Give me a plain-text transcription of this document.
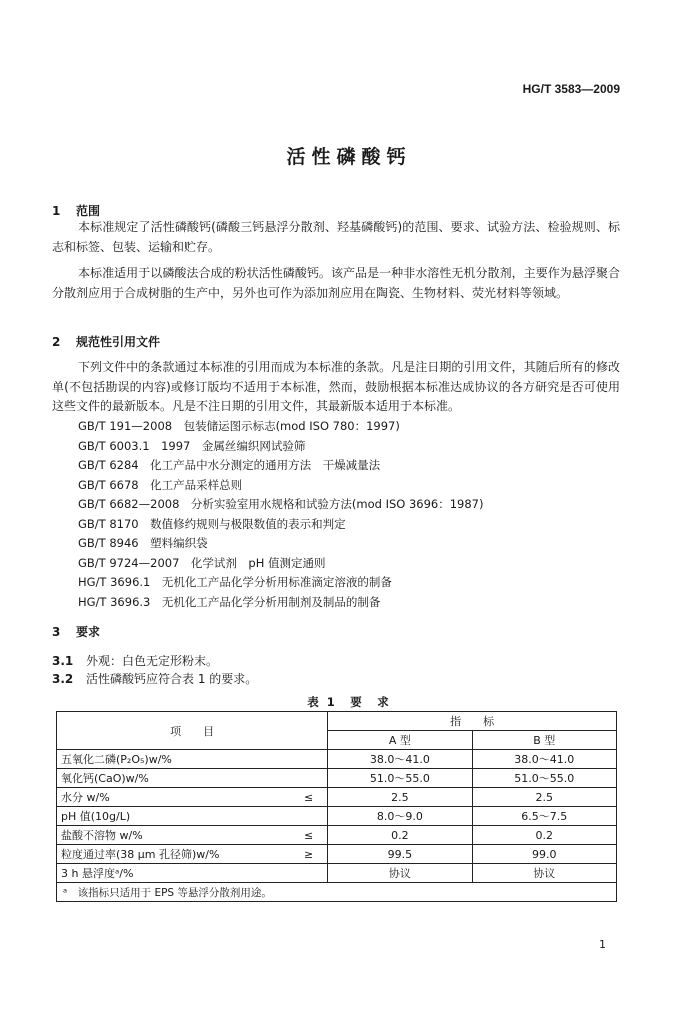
HG/T 3583—2009
活性磷酸钙
1 范围

本标准规定了活性磷酸钙(磷酸三钙悬浮分散剂、羟基磷酸钙)的范围、要求、试验方法、检验规则、标志和标签、包装、运输和贮存。

本标准适用于以磷酸法合成的粉状活性磷酸钙。该产品是一种非水溶性无机分散剂，主要作为悬浮聚合分散剂应用于合成树脂的生产中，另外也可作为添加剂应用在陶瓷、生物材料、荧光材料等领域。

2 规范性引用文件

下列文件中的条款通过本标准的引用而成为本标准的条款。凡是注日期的引用文件，其随后所有的修改单(不包括勘误的内容)或修订版均不适用于本标准，然而，鼓励根据本标准达成协议的各方研究是否可使用这些文件的最新版本。凡是不注日期的引用文件，其最新版本适用于本标准。

GB/T 191—2008　包装储运图示标志(mod ISO 780：1997)
GB/T 6003.1　1997　金属丝编织网试验筛
GB/T 6284　化工产品中水分测定的通用方法　干燥减量法
GB/T 6678　化工产品采样总则
GB/T 6682—2008　分析实验室用水规格和试验方法(mod ISO 3696：1987)
GB/T 8170　数值修约规则与极限数值的表示和判定
GB/T 8946　塑料编织袋
GB/T 9724—2007　化学试剂　pH 值测定通则
HG/T 3696.1　无机化工产品化学分析用标准滴定溶液的制备
HG/T 3696.3　无机化工产品化学分析用制剂及制品的制备
3 要求
3.1 外观：白色无定形粉末。
3.2 活性磷酸钙应符合表 1 的要求。
表 1　要　求
项　　目		指　　标	
		A 型	B 型
五氧化二磷(P₂O₅)w/%		38.0～41.0	38.0～41.0
氧化钙(CaO)w/%		51.0～55.0	51.0～55.0
水分 w/%	≤	2.5	2.5
pH 值(10g/L)		8.0～9.0	6.5～7.5
盐酸不溶物 w/%	≤	0.2	0.2
粒度通过率(38 μm 孔径筛)w/%	≥	99.5	99.0
3 h 悬浮度ᵃ/%		协议	协议
ᵃ　该指标只适用于 EPS 等悬浮分散剂用途。			
1
